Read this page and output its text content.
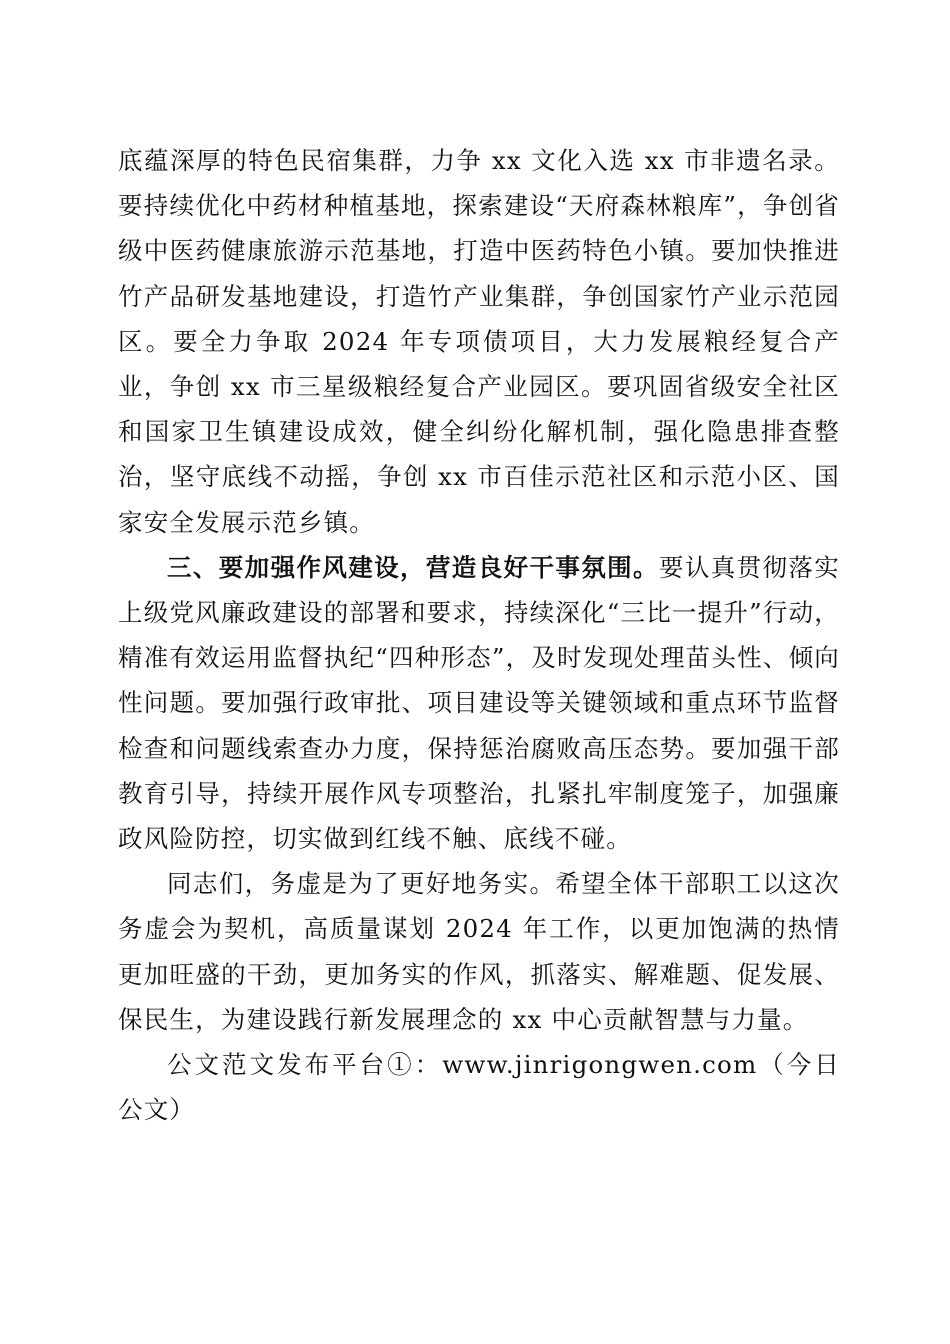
底蕴深厚的特色民宿集群，力争 xx 文化入选 xx 市非遗名录。要持续优化中药材种植基地，探索建设“天府森林粮库”，争创省级中医药健康旅游示范基地，打造中医药特色小镇。要加快推进竹产品研发基地建设，打造竹产业集群，争创国家竹产业示范园区。要全力争取 2024 年专项债项目，大力发展粮经复合产业，争创 xx 市三星级粮经复合产业园区。要巩固省级安全社区和国家卫生镇建设成效，健全纠纷化解机制，强化隐患排查整治，坚守底线不动摇，争创 xx 市百佳示范社区和示范小区、国家安全发展示范乡镇。

三、要加强作风建设，营造良好干事氛围。要认真贯彻落实上级党风廉政建设的部署和要求，持续深化“三比一提升”行动，精准有效运用监督执纪“四种形态”，及时发现处理苗头性、倾向性问题。要加强行政审批、项目建设等关键领域和重点环节监督检查和问题线索查办力度，保持惩治腐败高压态势。要加强干部教育引导，持续开展作风专项整治，扎紧扎牢制度笼子，加强廉政风险防控，切实做到红线不触、底线不碰。

同志们，务虚是为了更好地务实。希望全体干部职工以这次务虚会为契机，高质量谋划 2024 年工作，以更加饱满的热情更加旺盛的干劲，更加务实的作风，抓落实、解难题、促发展、保民生，为建设践行新发展理念的 xx 中心贡献智慧与力量。

公文范文发布平台①：www.jinrigongwen.com（今日公文）
